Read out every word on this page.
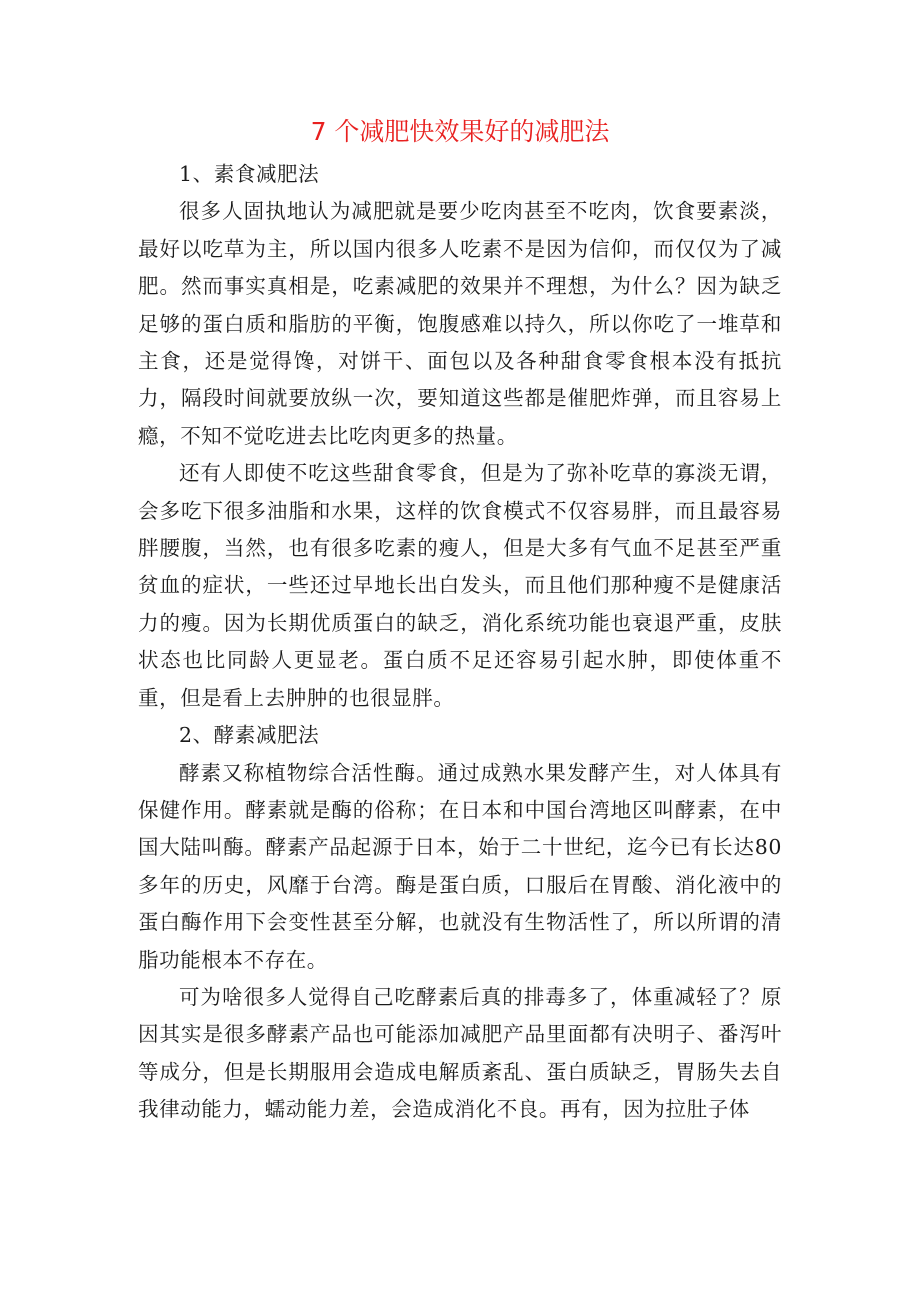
7 个减肥快效果好的减肥法
1、素食减肥法

很多人固执地认为减肥就是要少吃肉甚至不吃肉，饮食要素淡，最好以吃草为主，所以国内很多人吃素不是因为信仰，而仅仅为了减肥。然而事实真相是，吃素减肥的效果并不理想，为什么？因为缺乏足够的蛋白质和脂肪的平衡，饱腹感难以持久，所以你吃了一堆草和主食，还是觉得馋，对饼干、面包以及各种甜食零食根本没有抵抗力，隔段时间就要放纵一次，要知道这些都是催肥炸弹，而且容易上瘾，不知不觉吃进去比吃肉更多的热量。

还有人即使不吃这些甜食零食，但是为了弥补吃草的寡淡无谓，会多吃下很多油脂和水果，这样的饮食模式不仅容易胖，而且最容易胖腰腹，当然，也有很多吃素的瘦人，但是大多有气血不足甚至严重贫血的症状，一些还过早地长出白发头，而且他们那种瘦不是健康活力的瘦。因为长期优质蛋白的缺乏，消化系统功能也衰退严重，皮肤状态也比同龄人更显老。蛋白质不足还容易引起水肿，即使体重不重，但是看上去肿肿的也很显胖。

2、酵素减肥法

酵素又称植物综合活性酶。通过成熟水果发酵产生，对人体具有保健作用。酵素就是酶的俗称；在日本和中国台湾地区叫酵素，在中国大陆叫酶。酵素产品起源于日本，始于二十世纪，迄今已有长达80 多年的历史，风靡于台湾。酶是蛋白质，口服后在胃酸、消化液中的蛋白酶作用下会变性甚至分解，也就没有生物活性了，所以所谓的清脂功能根本不存在。

可为啥很多人觉得自己吃酵素后真的排毒多了，体重减轻了？原因其实是很多酵素产品也可能添加减肥产品里面都有决明子、番泻叶等成分，但是长期服用会造成电解质紊乱、蛋白质缺乏，胃肠失去自我律动能力，蠕动能力差，会造成消化不良。再有，因为拉肚子体
